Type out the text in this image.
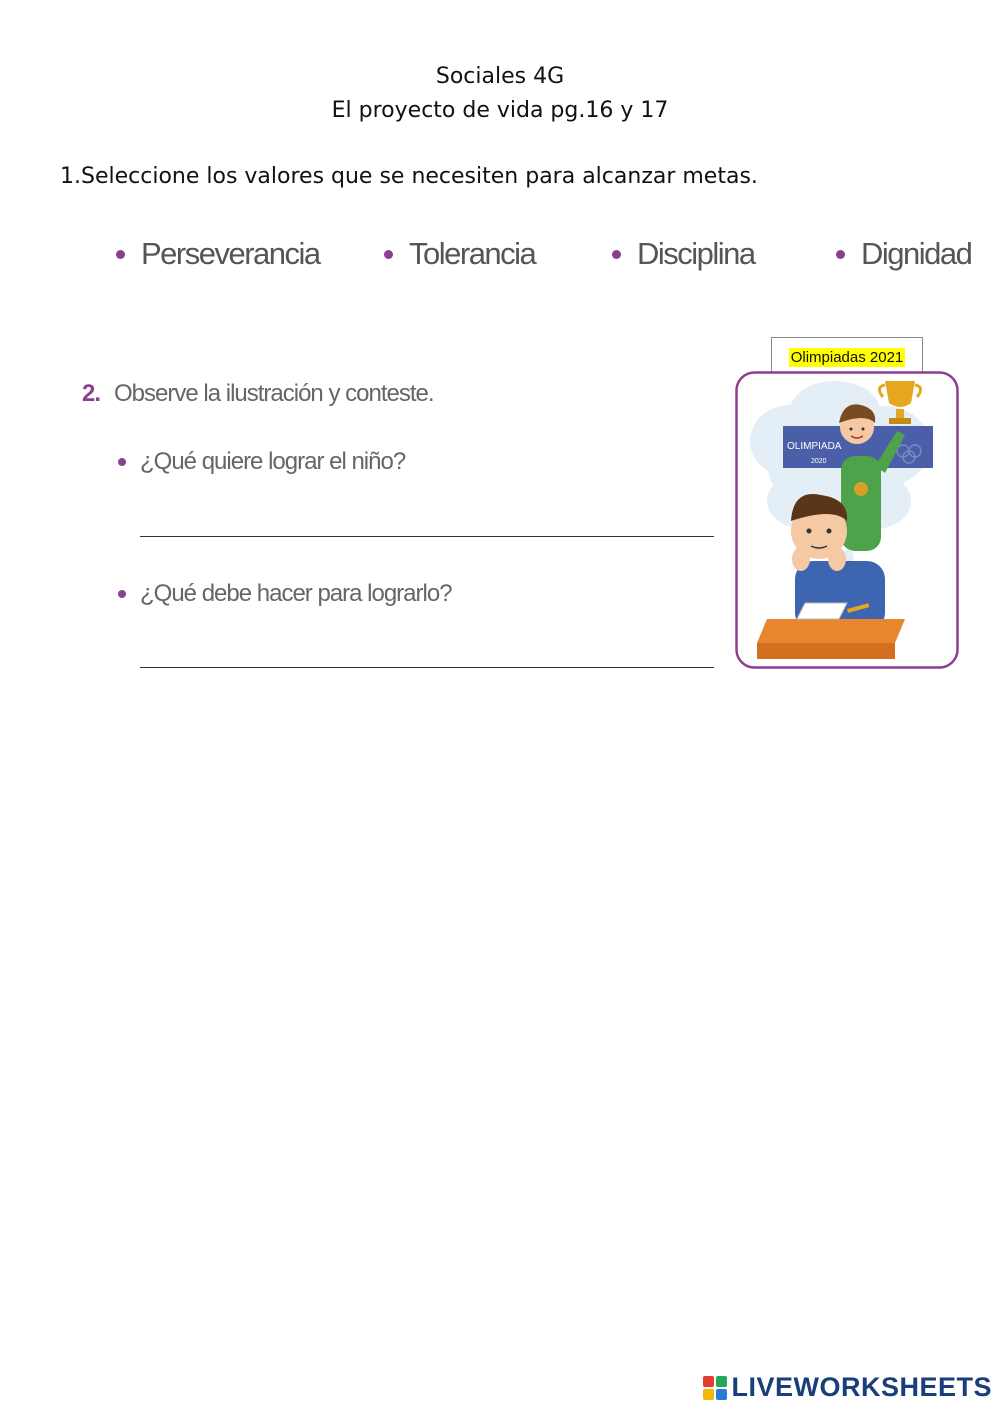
Sociales 4G
El proyecto de vida pg.16 y 17
1.Seleccione los valores que se necesiten para alcanzar metas.
Perseverancia	Tolerancia	Disciplina	Dignidad
2. Observe la ilustración y conteste.
¿Qué quiere lograr el niño?
¿Qué debe hacer para lograrlo?
Olimpiadas 2021
OLIMPIADA
2020
LIVEWORKSHEETS
